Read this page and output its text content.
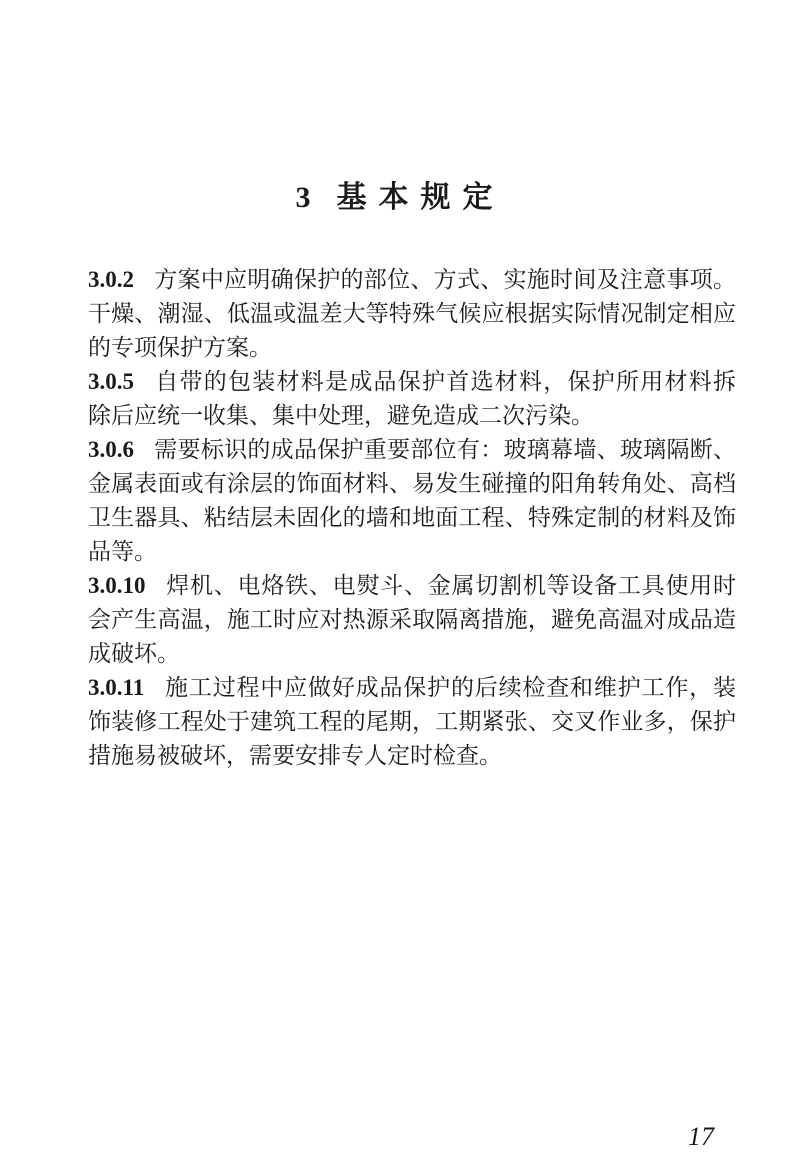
3 基本规定
3.0.2 方案中应明确保护的部位、方式、实施时间及注意事项。
干燥、潮湿、低温或温差大等特殊气候应根据实际情况制定相应
的专项保护方案。
3.0.5 自带的包装材料是成品保护首选材料，保护所用材料拆
除后应统一收集、集中处理，避免造成二次污染。
3.0.6 需要标识的成品保护重要部位有：玻璃幕墙、玻璃隔断、
金属表面或有涂层的饰面材料、易发生碰撞的阳角转角处、高档
卫生器具、粘结层未固化的墙和地面工程、特殊定制的材料及饰
品等。
3.0.10 焊机、电烙铁、电熨斗、金属切割机等设备工具使用时
会产生高温，施工时应对热源采取隔离措施，避免高温对成品造
成破坏。
3.0.11 施工过程中应做好成品保护的后续检查和维护工作，装
饰装修工程处于建筑工程的尾期，工期紧张、交叉作业多，保护
措施易被破坏，需要安排专人定时检查。
17
